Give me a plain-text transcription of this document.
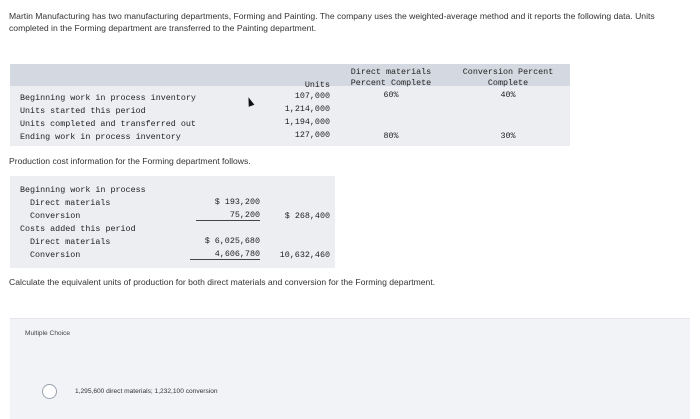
Martin Manufacturing has two manufacturing departments, Forming and Painting. The company uses the weighted-average method and it reports the following data. Units completed in the Forming department are transferred to the Painting department.
Units
Direct materials
Percent Complete
Conversion Percent
Complete
Beginning work in process inventory	107,000	60%	40%
Units started this period	1,214,000
Units completed and transferred out	1,194,000
Ending work in process inventory	127,000	80%	30%
Production cost information for the Forming department follows.
Beginning work in process
Direct materials	$ 193,200
Conversion	75,200	$ 268,400
Costs added this period
Direct materials	$ 6,025,680
Conversion	4,606,780	10,632,460
Calculate the equivalent units of production for both direct materials and conversion for the Forming department.
Multiple Choice
1,295,600 direct materials; 1,232,100 conversion
